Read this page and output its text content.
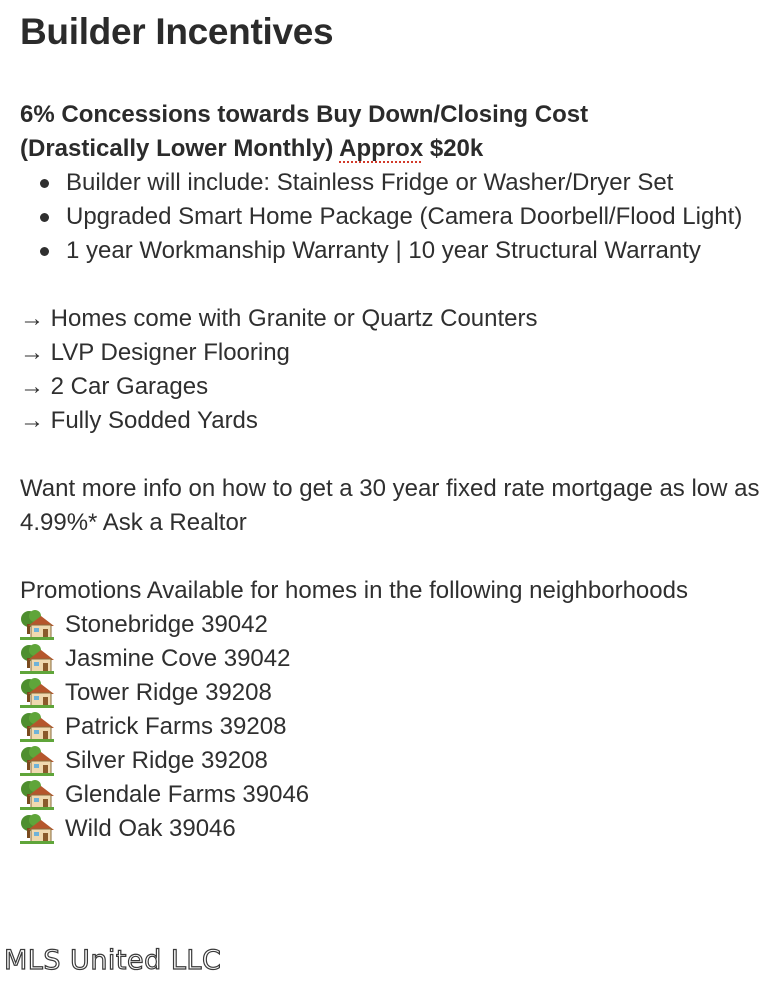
Builder Incentives
6% Concessions towards Buy Down/Closing Cost
(Drastically Lower Monthly) Approx $20k
Builder will include: Stainless Fridge or Washer/Dryer Set
Upgraded Smart Home Package (Camera Doorbell/Flood Light)
1 year Workmanship Warranty | 10 year Structural Warranty
→ Homes come with Granite or Quartz Counters
→ LVP Designer Flooring
→ 2 Car Garages
→ Fully Sodded Yards
Want more info on how to get a 30 year fixed rate mortgage as low as 4.99%* Ask a Realtor
Promotions Available for homes in the following neighborhoods
Stonebridge 39042
Jasmine Cove 39042
Tower Ridge 39208
Patrick Farms 39208
Silver Ridge 39208
Glendale Farms 39046
Wild Oak 39046
MLS United LLC
